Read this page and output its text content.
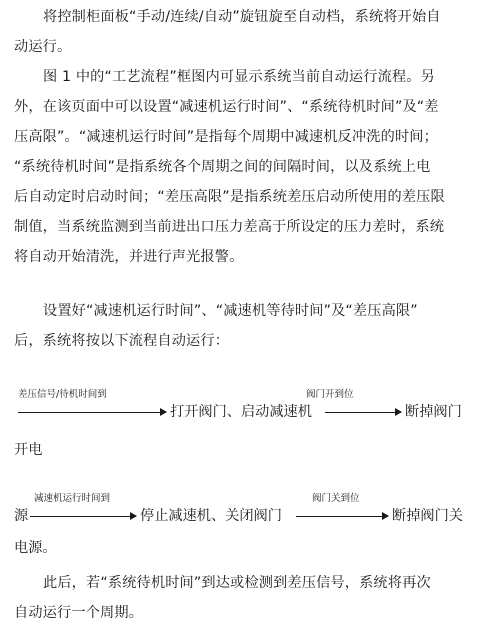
将控制柜面板“手动/连续/自动”旋钮旋至自动档，系统将开始自
动运行。

图 1 中的“工艺流程”框图内可显示系统当前自动运行流程。另
外，在该页面中可以设置“减速机运行时间”、“系统待机时间”及“差
压高限”。“减速机运行时间”是指每个周期中减速机反冲洗的时间；
“系统待机时间”是指系统各个周期之间的间隔时间，以及系统上电
后自动定时启动时间；“差压高限”是指系统差压启动所使用的差压限
制值，当系统监测到当前进出口压力差高于所设定的压力差时，系统
将自动开始清洗，并进行声光报警。

设置好“减速机运行时间”、“减速机等待时间”及“差压高限”
后，系统将按以下流程自动运行：

差压信号/待机时间到
打开阀门、启动减速机
阀门开到位
断掉阀门
开电
减速机运行时间到
源	停止减速机、关闭阀门
阀门关到位
断掉阀门关
电源。

此后，若“系统待机时间”到达或检测到差压信号，系统将再次
自动运行一个周期。
